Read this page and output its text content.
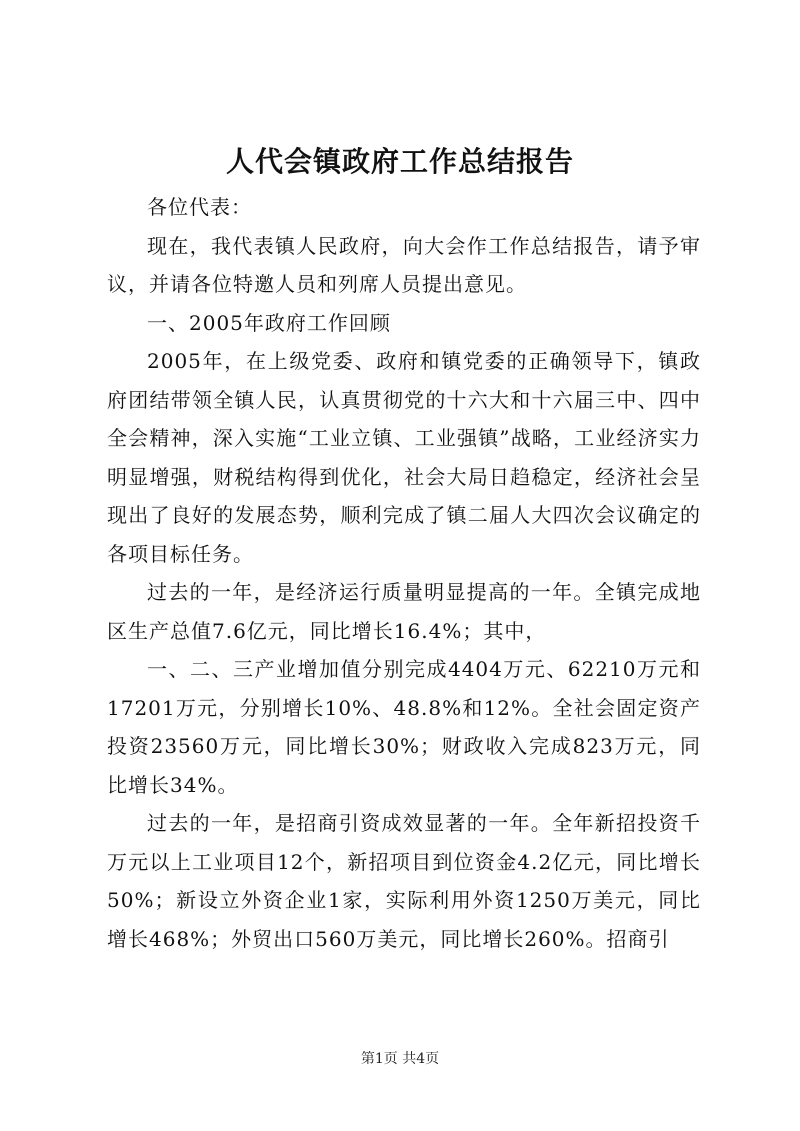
人代会镇政府工作总结报告

各位代表：

现在，我代表镇人民政府，向大会作工作总结报告，请予审议，并请各位特邀人员和列席人员提出意见。

一、2005年政府工作回顾

2005年，在上级党委、政府和镇党委的正确领导下，镇政府团结带领全镇人民，认真贯彻党的十六大和十六届三中、四中全会精神，深入实施“工业立镇、工业强镇”战略，工业经济实力明显增强，财税结构得到优化，社会大局日趋稳定，经济社会呈现出了良好的发展态势，顺利完成了镇二届人大四次会议确定的各项目标任务。

过去的一年，是经济运行质量明显提高的一年。全镇完成地区生产总值7.6亿元，同比增长16.4%；其中，

一、二、三产业增加值分别完成4404万元、62210万元和17201万元，分别增长10%、48.8%和12%。全社会固定资产投资23560万元，同比增长30%；财政收入完成823万元，同比增长34%。

过去的一年，是招商引资成效显著的一年。全年新招投资千万元以上工业项目12个，新招项目到位资金4.2亿元，同比增长50%；新设立外资企业1家，实际利用外资1250万美元，同比增长468%；外贸出口560万美元，同比增长260%。招商引

第1页 共4页
